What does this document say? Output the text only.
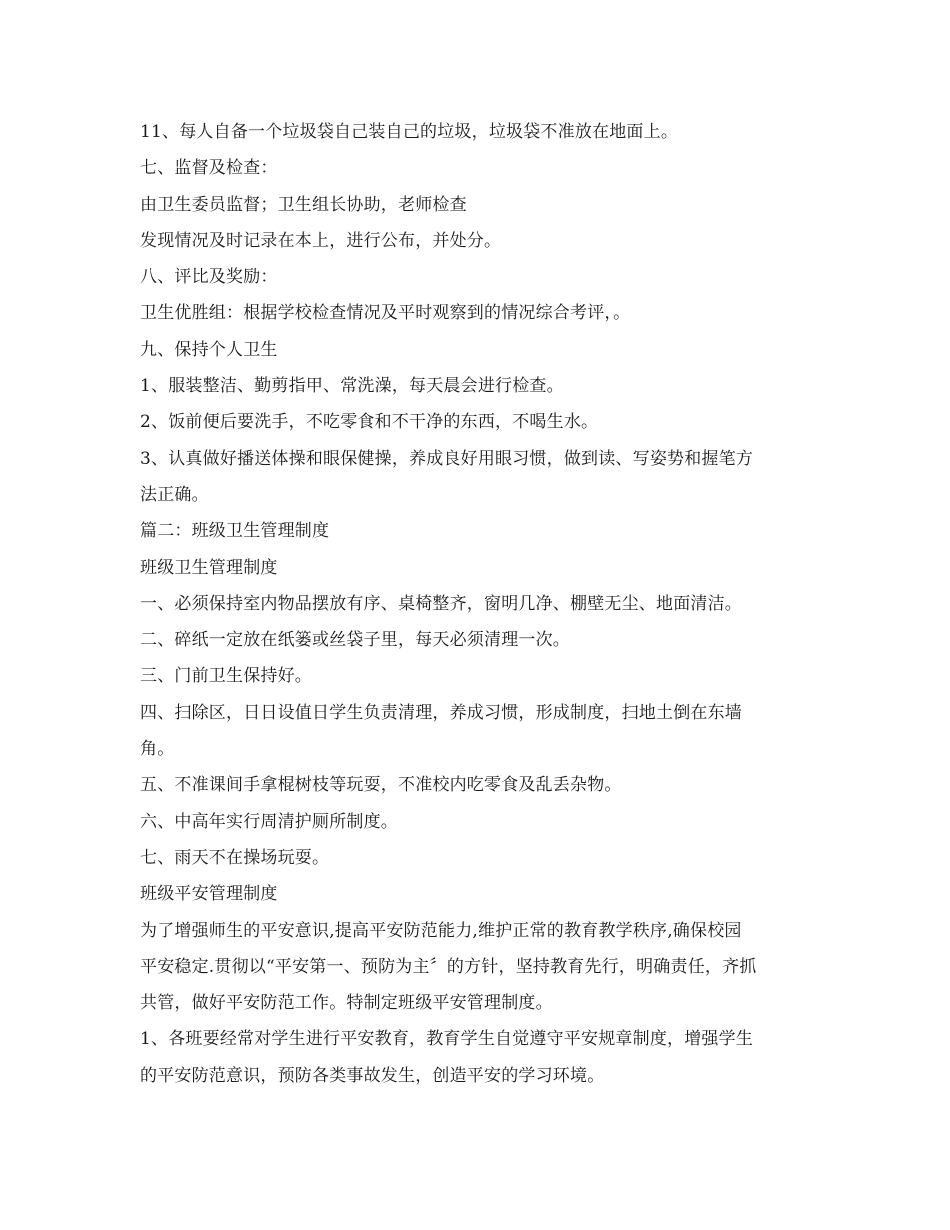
11、每人自备一个垃圾袋自己装自己的垃圾，垃圾袋不准放在地面上。
七、监督及检查：
由卫生委员监督；卫生组长协助，老师检查
发现情况及时记录在本上，进行公布，并处分。
八、评比及奖励：
卫生优胜组：根据学校检查情况及平时观察到的情况综合考评，。
九、保持个人卫生
1、服装整洁、勤剪指甲、常洗澡，每天晨会进行检查。
2、饭前便后要洗手，不吃零食和不干净的东西，不喝生水。
3、认真做好播送体操和眼保健操，养成良好用眼习惯，做到读、写姿势和握笔方
法正确。
篇二：班级卫生管理制度
班级卫生管理制度
一、必须保持室内物品摆放有序、桌椅整齐，窗明几净、棚壁无尘、地面清洁。
二、碎纸一定放在纸篓或丝袋子里，每天必须清理一次。
三、门前卫生保持好。
四、扫除区，日日设值日学生负责清理，养成习惯，形成制度，扫地土倒在东墙
角。
五、不准课间手拿棍树枝等玩耍，不准校内吃零食及乱丢杂物。
六、中高年实行周清护厕所制度。
七、雨天不在操场玩耍。
班级平安管理制度
为了增强师生的平安意识,提高平安防范能力,维护正常的教育教学秩序,确保校园
平安稳定.贯彻以“平安第一、预防为主〞的方针，坚持教育先行，明确责任，齐抓
共管，做好平安防范工作。特制定班级平安管理制度。
1、各班要经常对学生进行平安教育，教育学生自觉遵守平安规章制度，增强学生
的平安防范意识，预防各类事故发生，创造平安的学习环境。
